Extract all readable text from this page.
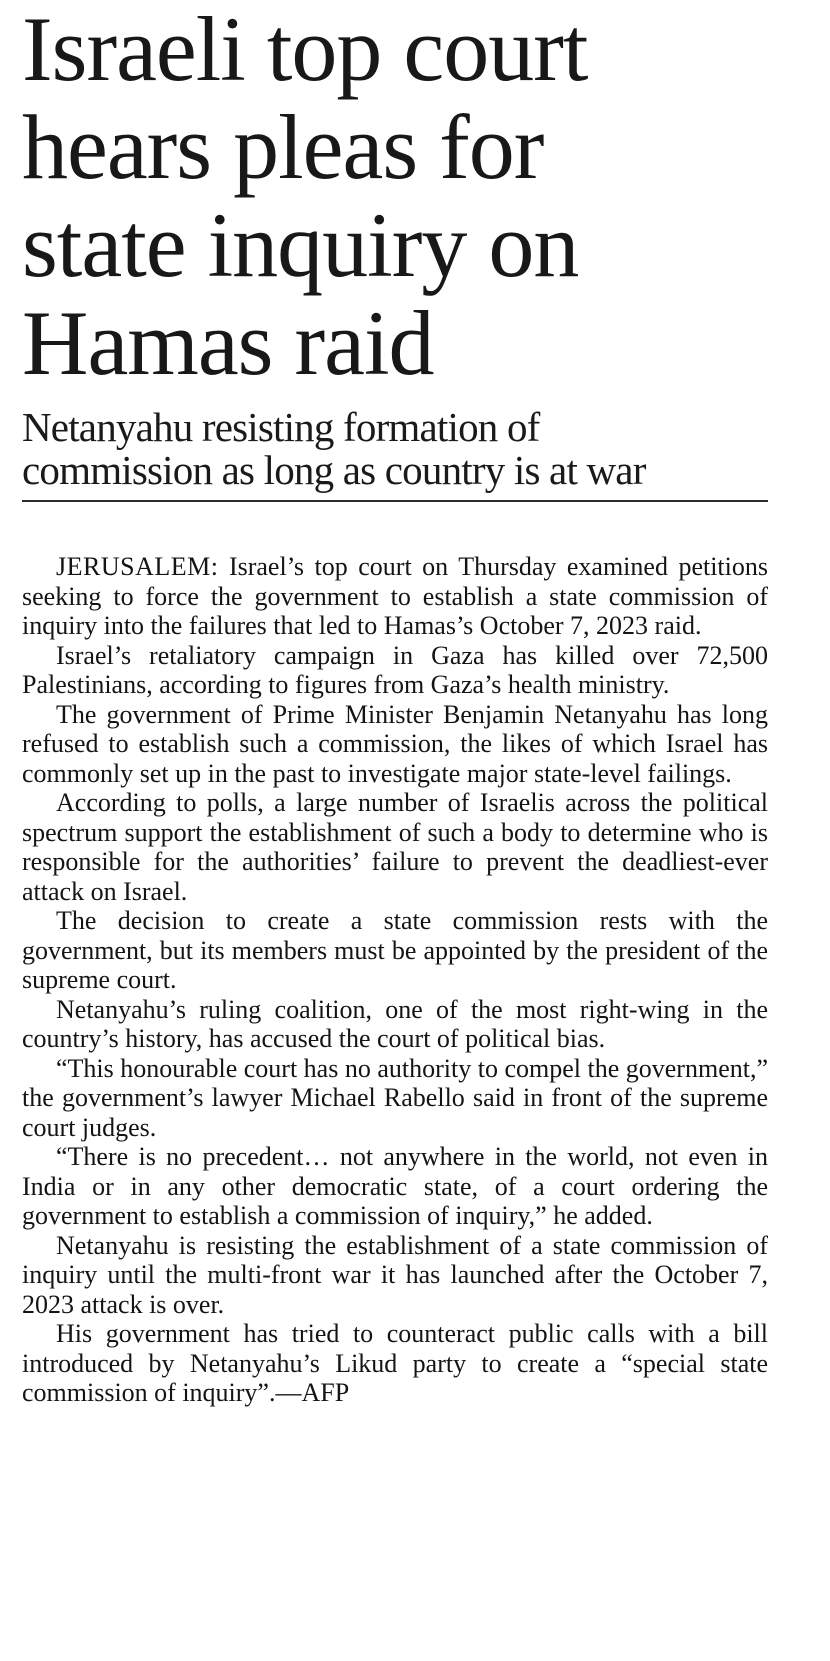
Israeli top court
hears pleas for
state inquiry on
Hamas raid
Netanyahu resisting formation of
commission as long as country is at war

JERUSALEM: Israel’s top court on Thursday examined petitions seeking to force the government to establish a state commission of inquiry into the failures that led to Hamas’s October 7, 2023 raid.

Israel’s retaliatory campaign in Gaza has killed over 72,500 Palestinians, according to figures from Gaza’s health ministry.

The government of Prime Minister Benjamin Netanyahu has long refused to establish such a commission, the likes of which Israel has commonly set up in the past to investigate major state-level failings.

According to polls, a large number of Israelis across the political spectrum support the establishment of such a body to determine who is responsible for the authorities’ failure to prevent the deadliest-ever attack on Israel.

The decision to create a state commission rests with the government, but its members must be appointed by the president of the supreme court.

Netanyahu’s ruling coalition, one of the most right-wing in the country’s history, has accused the court of political bias.

“This honourable court has no authority to compel the government,” the government’s lawyer Michael Rabello said in front of the supreme court judges.

“There is no precedent… not anywhere in the world, not even in India or in any other democratic state, of a court ordering the government to establish a commission of inquiry,” he added.

Netanyahu is resisting the establishment of a state commission of inquiry until the multi-front war it has launched after the October 7, 2023 attack is over.

His government has tried to counteract public calls with a bill introduced by Netanyahu’s Likud party to create a “special state commission of inquiry”.—AFP
